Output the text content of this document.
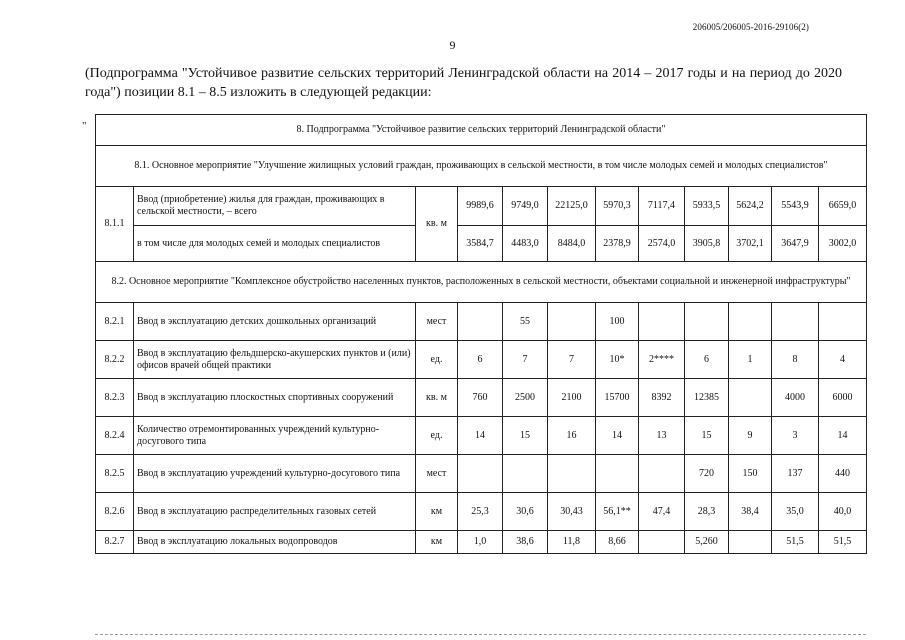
206005/206005-2016-29106(2)
9
(Подпрограмма "Устойчивое развитие сельских территорий Ленинградской области на 2014 – 2017 годы и на период до 2020 года") позиции 8.1 – 8.5 изложить в следующей редакции:
"	8. Подпрограмма "Устойчивое развитие сельских территорий Ленинградской области"											
8.1. Основное мероприятие "Улучшение жилищных условий граждан, проживающих в сельской местности, в том числе молодых семей и молодых специалистов"											
8.1.1	Ввод (приобретение) жилья для граждан, проживающих в сельской местности, – всего	кв. м	9989,6	9749,0	22125,0	5970,3	7117,4	5933,5	5624,2	5543,9	6659,0
	в том числе для молодых семей и молодых специалистов		3584,7	4483,0	8484,0	2378,9	2574,0	3905,8	3702,1	3647,9	3002,0
8.2. Основное мероприятие "Комплексное обустройство населенных пунктов, расположенных в сельской местности, объектами социальной и инженерной инфраструктуры"											
8.2.1	Ввод в эксплуатацию детских дошкольных организаций	мест		55		100					
8.2.2	Ввод в эксплуатацию фельдшерско-акушерских пунктов и (или) офисов врачей общей практики	ед.	6	7	7	10*	2****	6	1	8	4
8.2.3	Ввод в эксплуатацию плоскостных спортивных сооружений	кв. м	760	2500	2100	15700	8392	12385		4000	6000
8.2.4	Количество отремонтированных учреждений культурно-досугового типа	ед.	14	15	16	14	13	15	9	3	14
8.2.5	Ввод в эксплуатацию учреждений культурно-досугового типа	мест						720	150	137	440
8.2.6	Ввод в эксплуатацию распределительных газовых сетей	км	25,3	30,6	30,43	56,1**	47,4	28,3	38,4	35,0	40,0
8.2.7	Ввод в эксплуатацию локальных водопроводов	км	1,0	38,6	11,8	8,66		5,260		51,5	51,5
